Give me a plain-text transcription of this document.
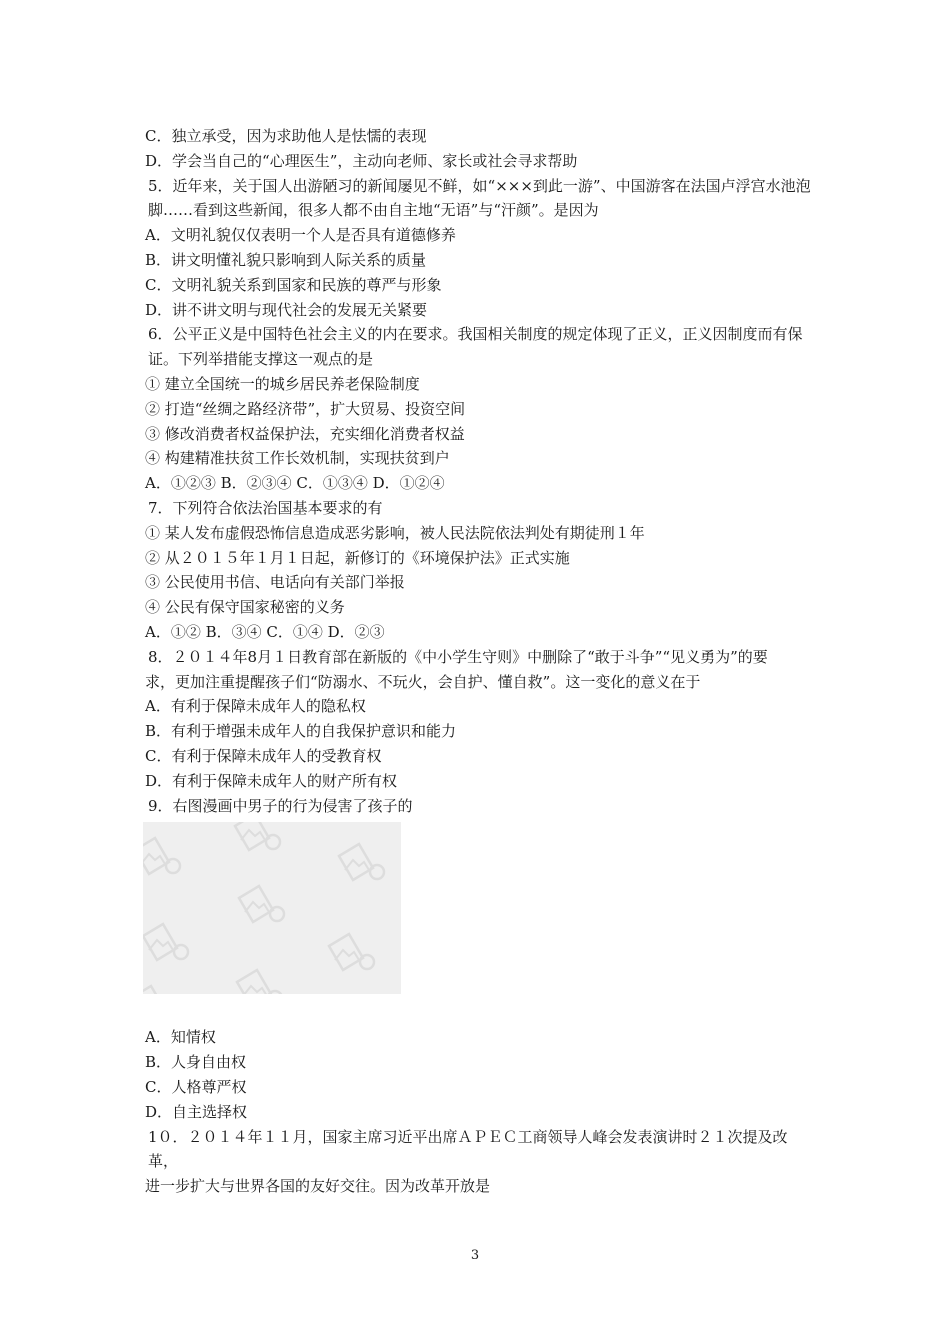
C．独立承受，因为求助他人是怯懦的表现
D．学会当自己的“心理医生”，主动向老师、家长或社会寻求帮助
5．近年来，关于国人出游陋习的新闻屡见不鲜，如“×××到此一游”、中国游客在法国卢浮宫水池泡脚……看到这些新闻，很多人都不由自主地“无语”与“汗颜”。是因为
A．文明礼貌仅仅表明一个人是否具有道德修养
B．讲文明懂礼貌只影响到人际关系的质量
C．文明礼貌关系到国家和民族的尊严与形象
D．讲不讲文明与现代社会的发展无关紧要
6．公平正义是中国特色社会主义的内在要求。我国相关制度的规定体现了正义，正义因制度而有保证。下列举措能支撑这一观点的是
① 建立全国统一的城乡居民养老保险制度
② 打造“丝绸之路经济带”，扩大贸易、投资空间
③ 修改消费者权益保护法，充实细化消费者权益
④ 构建精准扶贫工作长效机制，实现扶贫到户
A．①②③ B．②③④ C．①③④ D．①②④
7．下列符合依法治国基本要求的有
① 某人发布虚假恐怖信息造成恶劣影响，被人民法院依法判处有期徒刑１年
② 从２０１５年１月１日起，新修订的《环境保护法》正式实施
③ 公民使用书信、电话向有关部门举报
④ 公民有保守国家秘密的义务
A．①② B．③④ C．①④ D．②③
8．２０１４年8月１日教育部在新版的《中小学生守则》中删除了“敢于斗争”“见义勇为”的要
求，更加注重提醒孩子们“防溺水、不玩火，会自护、懂自救”。这一变化的意义在于
A．有利于保障未成年人的隐私权
B．有利于增强未成年人的自我保护意识和能力
C．有利于保障未成年人的受教育权
D．有利于保障未成年人的财产所有权
9．右图漫画中男子的行为侵害了孩子的
A．知情权
B．人身自由权
C．人格尊严权
D．自主选择权
1０．２０１４年１１月，国家主席习近平出席ＡＰＥＣ工商领导人峰会发表演讲时２１次提及改革，
进一步扩大与世界各国的友好交往。因为改革开放是
3
